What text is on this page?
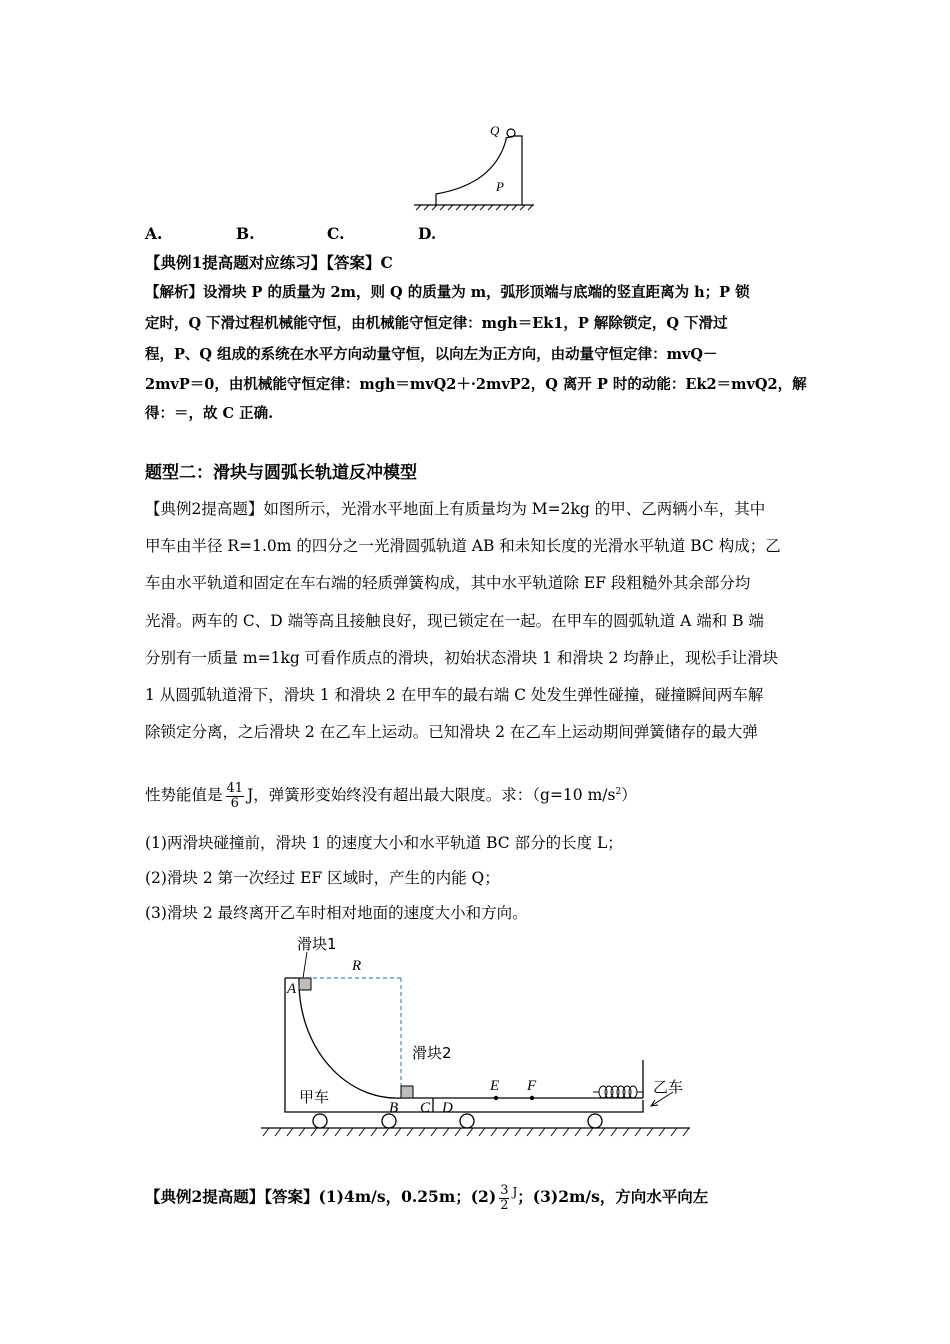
Q
P
A.	B.	C.	D.
【典例1提高题对应练习】【答案】C
【解析】设滑块 P 的质量为 2m，则 Q 的质量为 m，弧形顶端与底端的竖直距离为 h；P 锁
定时，Q 下滑过程机械能守恒，由机械能守恒定律：mgh＝Ek1，P 解除锁定，Q 下滑过
程，P、Q 组成的系统在水平方向动量守恒，以向左为正方向，由动量守恒定律：mvQ－
2mvP＝0，由机械能守恒定律：mgh＝mvQ2＋·2mvP2，Q 离开 P 时的动能：Ek2＝mvQ2，解
得：＝，故 C 正确.
题型二：滑块与圆弧长轨道反冲模型
【典例2提高题】如图所示，光滑水平地面上有质量均为 M=2kg 的甲、乙两辆小车，其中
甲车由半径 R=1.0m 的四分之一光滑圆弧轨道 AB 和未知长度的光滑水平轨道 BC 构成；乙
车由水平轨道和固定在车右端的轻质弹簧构成，其中水平轨道除 EF 段粗糙外其余部分均
光滑。两车的 C、D 端等高且接触良好，现已锁定在一起。在甲车的圆弧轨道 A 端和 B 端
分别有一质量 m=1kg 可看作质点的滑块，初始状态滑块 1 和滑块 2 均静止，现松手让滑块
1 从圆弧轨道滑下，滑块 1 和滑块 2 在甲车的最右端 C 处发生弹性碰撞，碰撞瞬间两车解
除锁定分离，之后滑块 2 在乙车上运动。已知滑块 2 在乙车上运动期间弹簧储存的最大弹
性势能值是 $\frac{41}{6}$ J，弹簧形变始终没有超出最大限度。求：（g=10 $m/s^2$）
(1)两滑块碰撞前，滑块 1 的速度大小和水平轨道 BC 部分的长度 L；
(2)滑块 2 第一次经过 EF 区域时，产生的内能 Q；
(3)滑块 2 最终离开乙车时相对地面的速度大小和方向。
滑块1
滑块2
甲车
乙车
R
A
B C D
E F
【典例2提高题】【答案】(1)4m/s，0.25m；$(2) \frac{3}{2} ^J$；(3)2m/s，方向水平向左
